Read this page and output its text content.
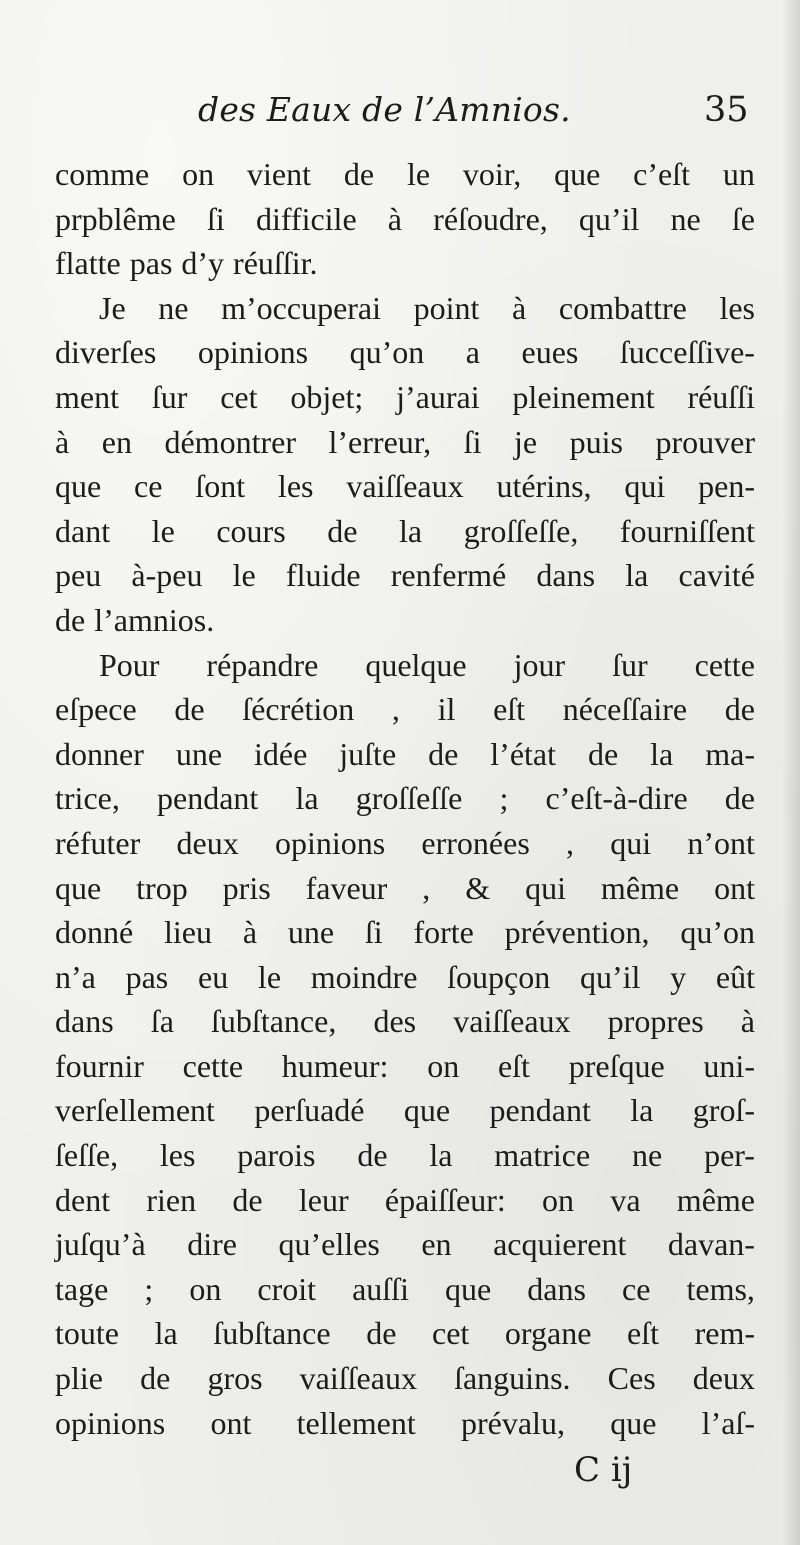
des Eaux de l’Amnios.	35
comme on vient de le voir, que c’eſt un
prpblême ſi difficile à réſoudre, qu’il ne ſe
flatte pas d’y réuſſir.
Je ne m’occuperai point à combattre les
diverſes opinions qu’on a eues ſucceſſive-
ment ſur cet objet; j’aurai pleinement réuſſi
à en démontrer l’erreur, ſi je puis prouver
que ce ſont les vaiſſeaux utérins, qui pen-
dant le cours de la groſſeſſe, fourniſſent
peu à-peu le fluide renfermé dans la cavité
de l’amnios.
Pour répandre quelque jour ſur cette
eſpece de ſécrétion , il eſt néceſſaire de
donner une idée juſte de l’état de la ma-
trice, pendant la groſſeſſe ; c’eſt-à-dire de
réfuter deux opinions erronées , qui n’ont
que trop pris faveur , & qui même ont
donné lieu à une ſi forte prévention, qu’on
n’a pas eu le moindre ſoupçon qu’il y eût
dans ſa ſubſtance, des vaiſſeaux propres à
fournir cette humeur: on eſt preſque uni-
verſellement perſuadé que pendant la groſ-
ſeſſe, les parois de la matrice ne per-
dent rien de leur épaiſſeur: on va même
juſqu’à dire qu’elles en acquierent davan-
tage ; on croit auſſi que dans ce tems,
toute la ſubſtance de cet organe eſt rem-
plie de gros vaiſſeaux ſanguins. Ces deux
opinions ont tellement prévalu, que l’aſ-
C ij
